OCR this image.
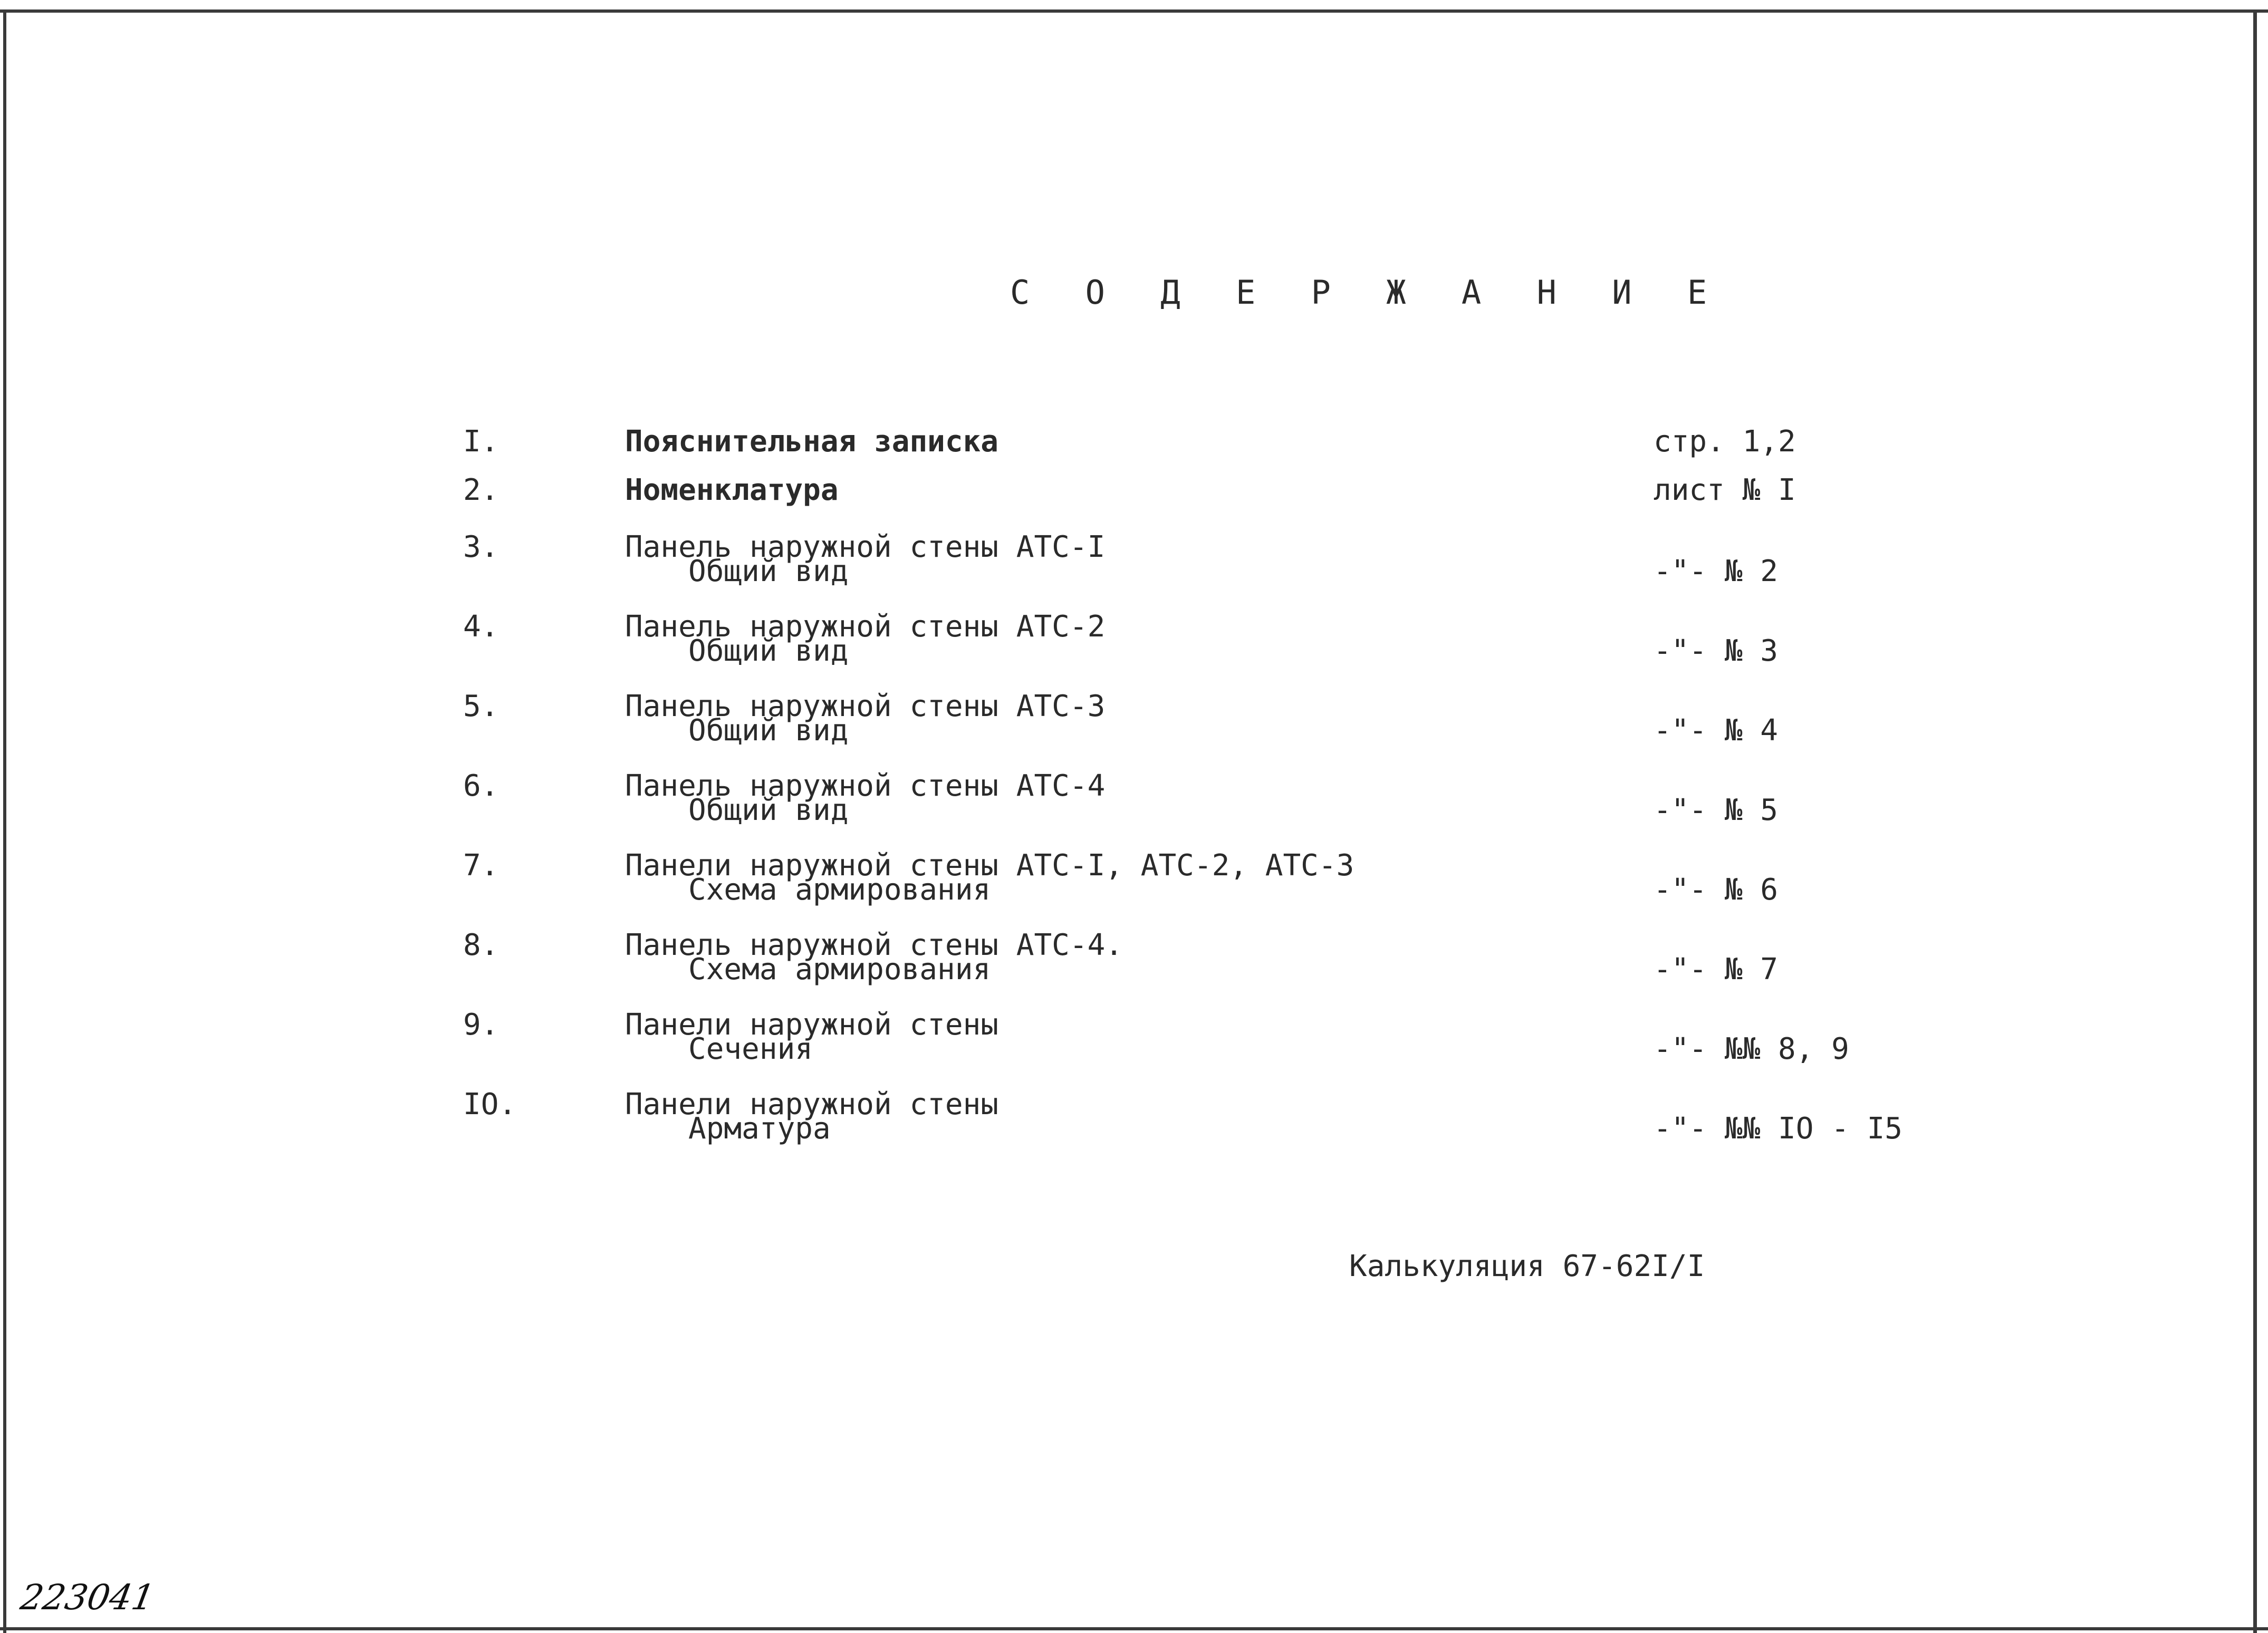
С О Д Е Р Ж А Н И Е
I.	Пояснительная записка	стр. 1,2
2.	Номенклатура	лист № I
3.	Панель наружной стены АТС-I
Общий вид	-"- № 2
4.	Панель наружной стены АТС-2
Общий вид	-"- № 3
5.	Панель наружной стены АТС-3
Общий вид	-"- № 4
6.	Панель наружной стены АТС-4
Общий вид	-"- № 5
7.	Панели наружной стены АТС-I, АТС-2, АТС-3
Схема армирования	-"- № 6
8.	Панель наружной стены АТС-4.
Схема армирования	-"- № 7
9.	Панели наружной стены
Сечения	-"- №№ 8, 9
IO.	Панели наружной стены
Арматура	-"- №№ IO - I5
Калькуляция 67-62I/I
223041
